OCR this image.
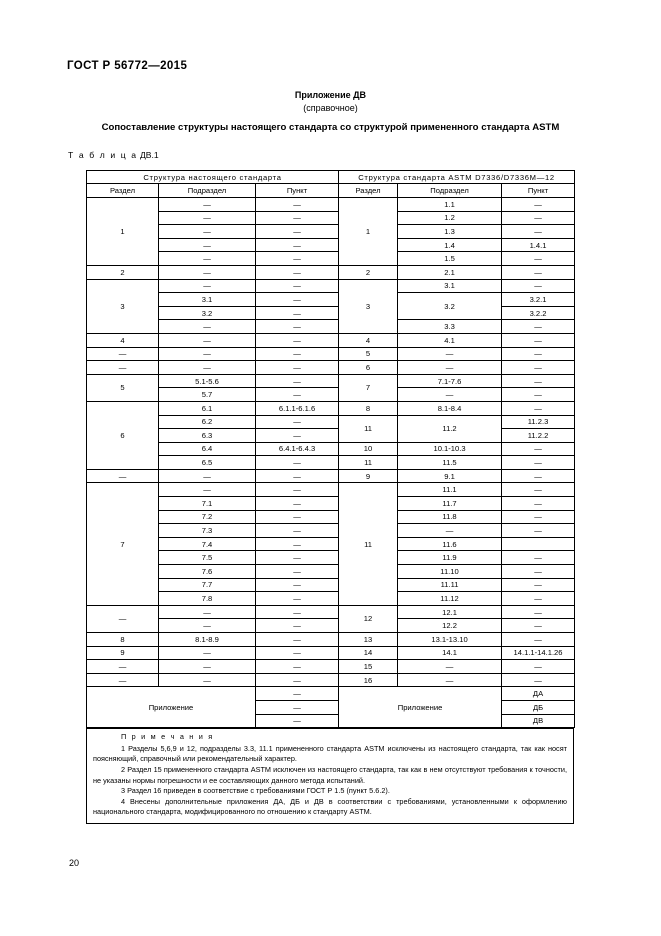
ГОСТ Р 56772—2015
Приложение ДВ
(справочное)
Сопоставление структуры настоящего стандарта со структурой примененного стандарта ASTM
Т а б л и ц а ДВ.1
Структура настоящего стандарта			Структура стандарта ASTM D7336/D7336M—12		
Раздел	Подраздел	Пункт	Раздел	Подраздел	Пункт
1	—	—	1	1.1	—
	—	—		1.2	—
	—	—		1.3	—
	—	—		1.4	1.4.1
	—	—		1.5	—
2	—	—	2	2.1	—
3	—	—	3	3.1	—
	3.1	—		3.2	3.2.1
	3.2	—			3.2.2
	—	—		3.3	—
4	—	—	4	4.1	—
—	—	—	5	—	—
—	—	—	6	—	—
5	5.1-5.6	—	7	7.1-7.6	—
	5.7	—		—	—
6	6.1	6.1.1-6.1.6	8	8.1-8.4	—
	6.2	—	11	11.2	11.2.3
	6.3	—			11.2.2
	6.4	6.4.1-6.4.3	10	10.1-10.3	—
	6.5	—	11	11.5	—
—	—	—	9	9.1	—
7	—	—	11	11.1	—
	7.1	—		11.7	—
	7.2	—		11.8	—
	7.3	—		—	—
	7.4	—		11.6	
	7.5	—		11.9	—
	7.6	—		11.10	—
	7.7	—		11.11	—
	7.8	—		11.12	—
—	—	—	12	12.1	—
	—	—		12.2	—
8	8.1-8.9	—	13	13.1-13.10	—
9	—	—	14	14.1	14.1.1-14.1.26
—	—	—	15	—	—
—	—	—	16	—	—
Приложение		—	Приложение		ДА
		—			ДБ
		—			ДВ
П р и м е ч а н и я

1 Разделы 5,6,9 и 12, подразделы 3.3, 11.1 примененного стандарта ASTM исключены из настоящего стандарта, так как носят поясняющий, справочный или рекомендательный характер.

2 Раздел 15 примененного стандарта ASTM исключен из настоящего стандарта, так как в нем отсутствуют требования к точности, не указаны нормы погрешности и ее составляющих данного метода испытаний.

3 Раздел 16 приведен в соответствие с требованиями ГОСТ Р 1.5 (пункт 5.6.2).

4 Внесены дополнительные приложения ДА, ДБ и ДВ в соответствии с требованиями, установленными к оформлению национального стандарта, модифицированного по отношению к стандарту ASTM.

20
